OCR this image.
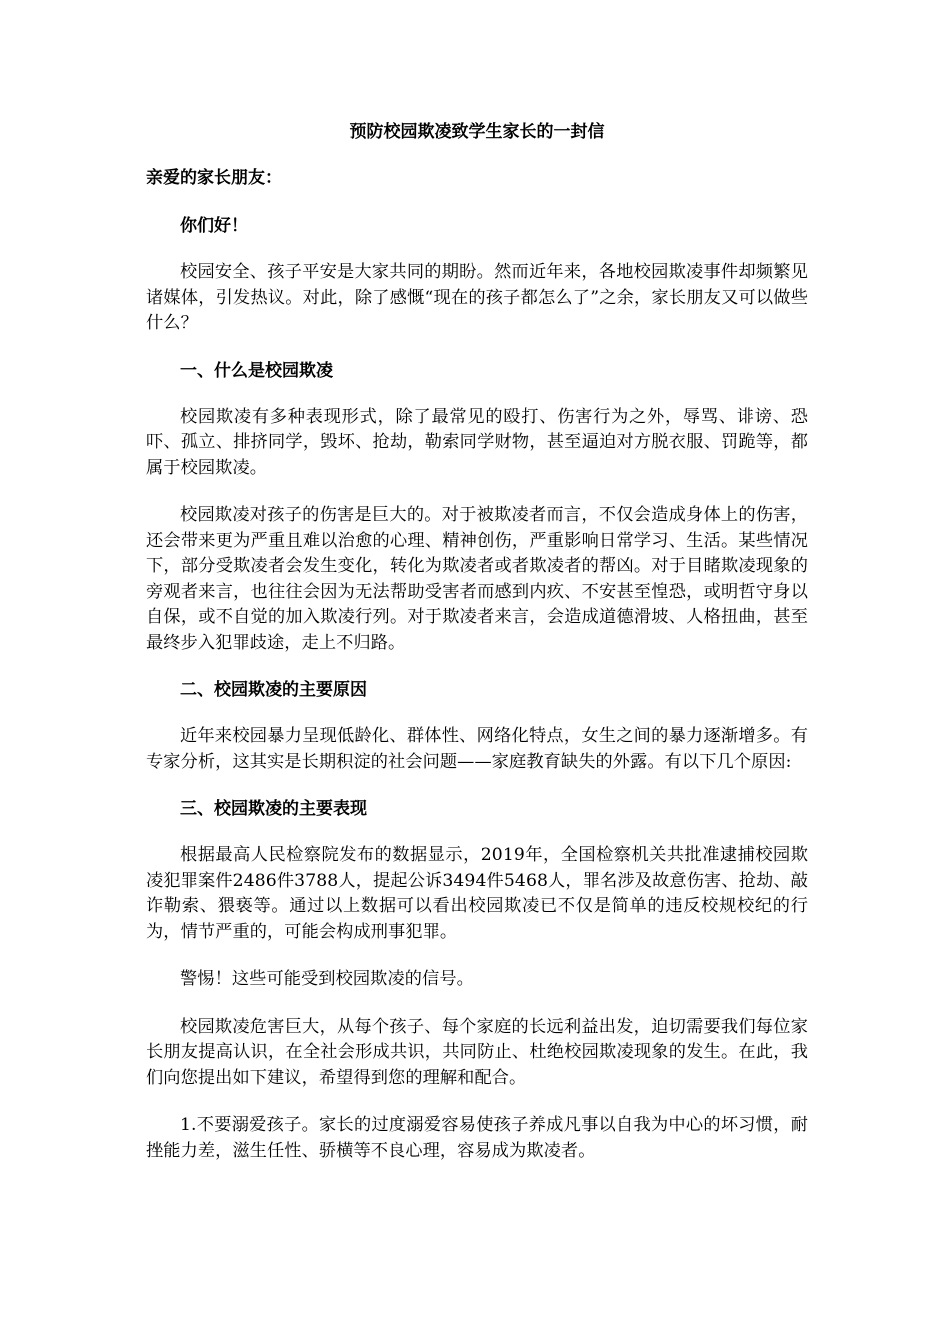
预防校园欺凌致学生家长的一封信
亲爱的家长朋友：
你们好！

校园安全、孩子平安是大家共同的期盼。然而近年来，各地校园欺凌事件却频繁见诸媒体，引发热议。对此，除了感慨“现在的孩子都怎么了”之余，家长朋友又可以做些什么？

一、什么是校园欺凌

校园欺凌有多种表现形式，除了最常见的殴打、伤害行为之外，辱骂、诽谤、恐吓、孤立、排挤同学，毁坏、抢劫，勒索同学财物，甚至逼迫对方脱衣服、罚跪等，都属于校园欺凌。

校园欺凌对孩子的伤害是巨大的。对于被欺凌者而言，不仅会造成身体上的伤害，还会带来更为严重且难以治愈的心理、精神创伤，严重影响日常学习、生活。某些情况下，部分受欺凌者会发生变化，转化为欺凌者或者欺凌者的帮凶。对于目睹欺凌现象的旁观者来言，也往往会因为无法帮助受害者而感到内疚、不安甚至惶恐，或明哲守身以自保，或不自觉的加入欺凌行列。对于欺凌者来言，会造成道德滑坡、人格扭曲，甚至最终步入犯罪歧途，走上不归路。

二、校园欺凌的主要原因

近年来校园暴力呈现低龄化、群体性、网络化特点，女生之间的暴力逐渐增多。有专家分析，这其实是长期积淀的社会问题——家庭教育缺失的外露。有以下几个原因:

三、校园欺凌的主要表现

根据最高人民检察院发布的数据显示，2019年，全国检察机关共批准逮捕校园欺凌犯罪案件2486件3788人，提起公诉3494件5468人，罪名涉及故意伤害、抢劫、敲诈勒索、猥亵等。通过以上数据可以看出校园欺凌已不仅是简单的违反校规校纪的行为，情节严重的，可能会构成刑事犯罪。

警惕！这些可能受到校园欺凌的信号。

校园欺凌危害巨大，从每个孩子、每个家庭的长远利益出发，迫切需要我们每位家长朋友提高认识，在全社会形成共识，共同防止、杜绝校园欺凌现象的发生。在此，我们向您提出如下建议，希望得到您的理解和配合。

1.不要溺爱孩子。家长的过度溺爱容易使孩子养成凡事以自我为中心的坏习惯，耐挫能力差，滋生任性、骄横等不良心理，容易成为欺凌者。
